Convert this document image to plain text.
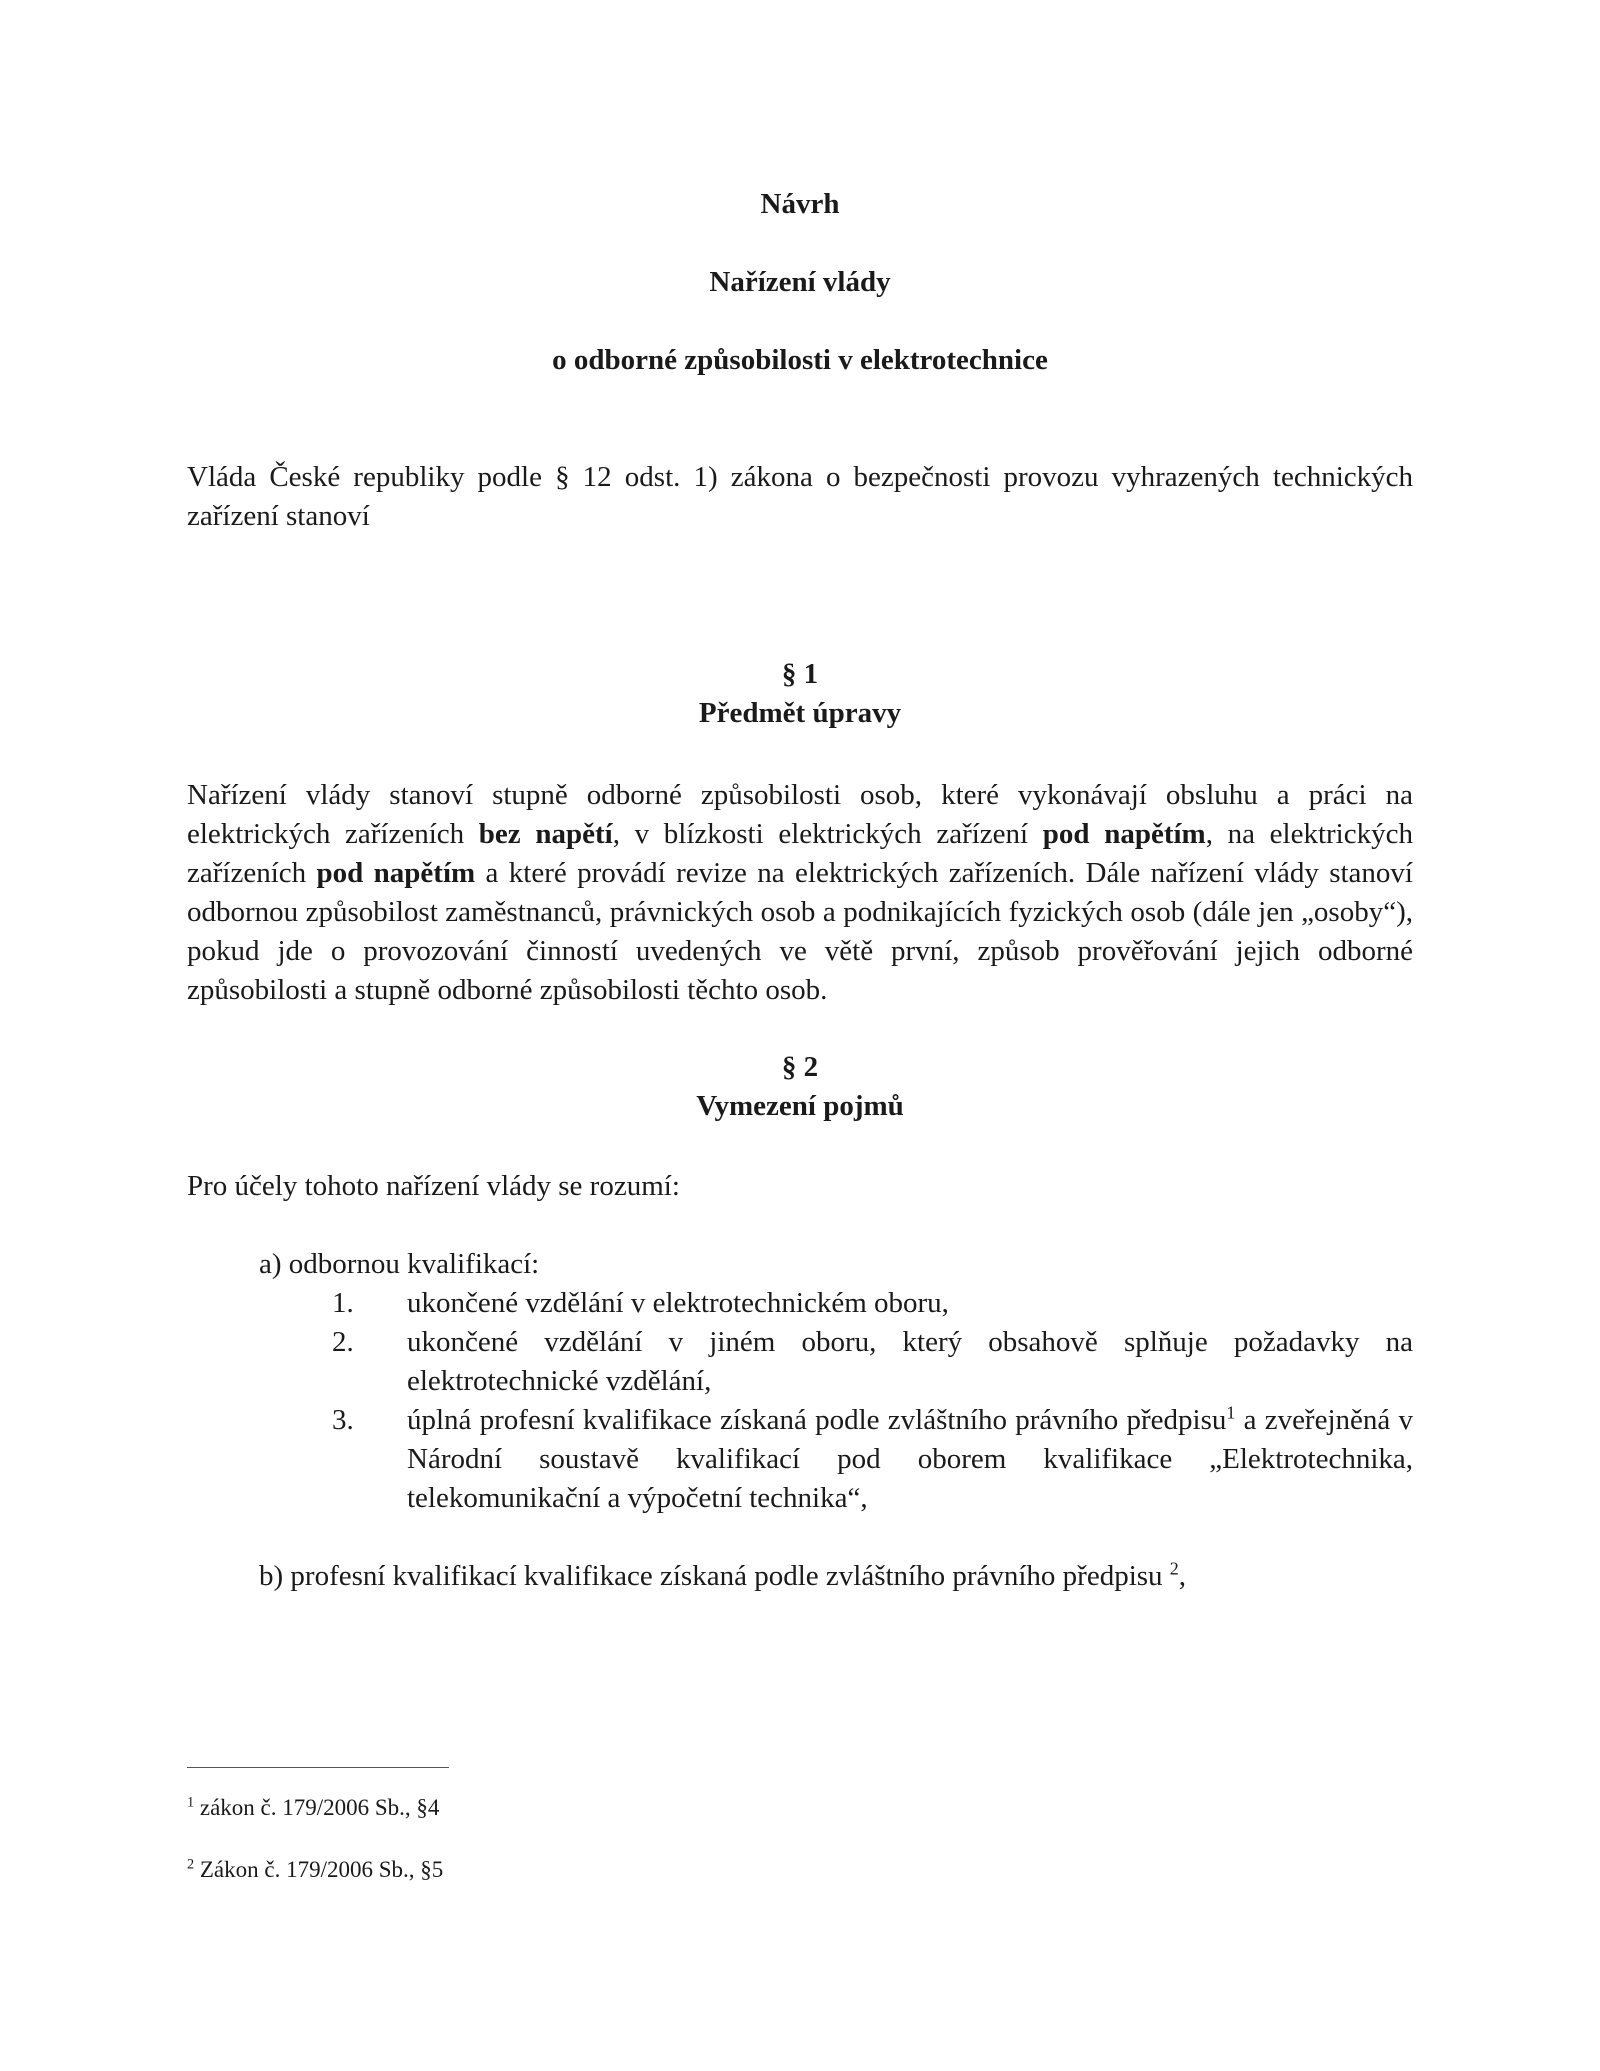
Návrh
Nařízení vlády
o odborné způsobilosti v elektrotechnice
Vláda České republiky podle § 12 odst. 1) zákona o bezpečnosti provozu vyhrazených technických zařízení stanoví
§ 1
Předmět úpravy
Nařízení vlády stanoví stupně odborné způsobilosti osob, které vykonávají obsluhu a práci na elektrických zařízeních bez napětí, v blízkosti elektrických zařízení pod napětím, na elektrických zařízeních pod napětím a které provádí revize na elektrických zařízeních. Dále nařízení vlády stanoví odbornou způsobilost zaměstnanců, právnických osob a podnikajících fyzických osob (dále jen „osoby“), pokud jde o provozování činností uvedených ve větě první, způsob prověřování jejich odborné způsobilosti a stupně odborné způsobilosti těchto osob.
§ 2
Vymezení pojmů
Pro účely tohoto nařízení vlády se rozumí:
a) odbornou kvalifikací:
1.	ukončené vzdělání v elektrotechnickém oboru,
2.	ukončené vzdělání v jiném oboru, který obsahově splňuje požadavky na elektrotechnické vzdělání,
3.	úplná profesní kvalifikace získaná podle zvláštního právního předpisu$^1$ a zveřejněná v Národní soustavě kvalifikací pod oborem kvalifikace „Elektrotechnika, telekomunikační a výpočetní technika“,
b) profesní kvalifikací kvalifikace získaná podle zvláštního právního předpisu $^2$,
$^1$ zákon č. 179/2006 Sb., §4
$^2$ Zákon č. 179/2006 Sb., §5
